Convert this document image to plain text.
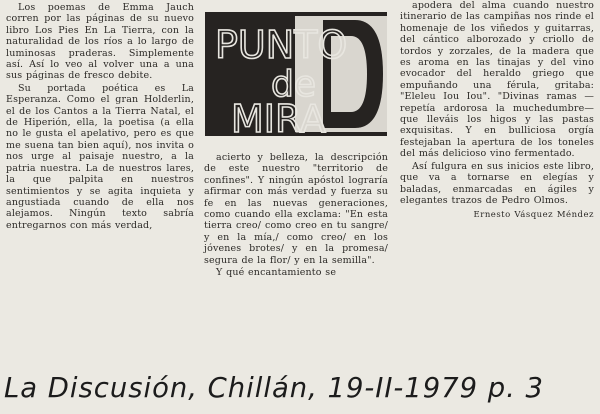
Los poemas de Emma Jauch corren por las páginas de su nuevo libro Los Pies En La Tierra, con la naturalidad de los ríos a lo largo de luminosas praderas. Simplemente así. Así lo veo al volver una a una sus páginas de fresco debite.

Su portada poética es La Esperanza. Como el gran Holderlin, el de los Cantos a la Tierra Natal, el de Hiperión, ella, la poetisa (a ella no le gusta el apelativo, pero es que me suena tan bien aquí), nos invita o nos urge al paisaje nuestro, a la patria nuestra. La de nuestros lares, la que palpita en nuestros sentimientos y se agita inquieta y angustiada cuando de ella nos alejamos. Ningún texto sabría entregarnos con más verdad,

PUNTO
de
MIRA

acierto y belleza, la descripción de este nuestro "territorio de confines". Y ningún apóstol lograría afirmar con más verdad y fuerza su fe en las nuevas generaciones, como cuando ella exclama: "En esta tierra creo/ como creo en tu sangre/ y en la mía,/ como creo/ en los jóvenes brotes/ y en la promesa/ segura de la flor/ y en la semilla".

Y qué encantamiento se

apodera del alma cuando nuestro itinerario de las campiñas nos rinde el homenaje de los viñedos y guitarras, del cántico alborozado y criollo de tordos y zorzales, de la madera que es aroma en las tinajas y del vino evocador del heraldo griego que empuñando una férula, gritaba: "Eleleu Iou Iou". "Divinas ramas —repetía ardorosa la muchedumbre— que lleváis los higos y las pastas exquisitas. Y en bulliciosa orgía festejaban la apertura de los toneles del más delicioso vino fermentado.

Así fulgura en sus inicios este libro, que va a tornarse en elegías y baladas, enmarcadas en ágiles y elegantes trazos de Pedro Olmos.

Ernesto Vásquez Méndez
La Discusión, Chillán, 19-II-1979 p. 3
